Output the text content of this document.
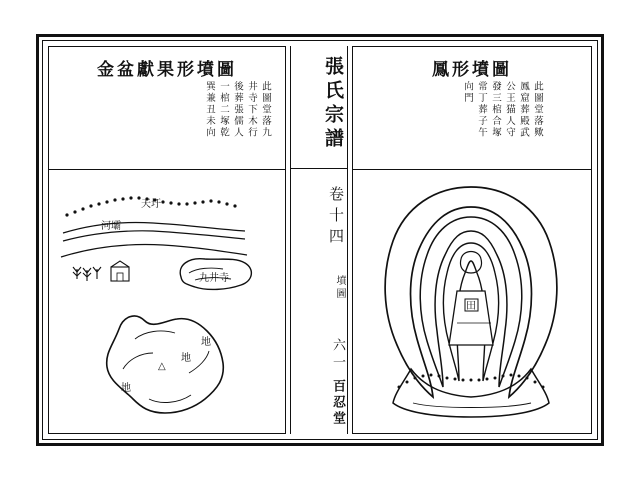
金盆獻果形墳圖
此圖堂落九
井寺下木行
後葬張儒人
一棺二塚乾
巽兼丑未向
△
天圩
河壩
九井寺
地
地
地
張氏宗譜
卷十四
墳圖
六一
百忍堂
鳳形墳圖
此圖堂落歟
鳳窟葬殿武
公王猫人守
發三棺合塚
常丁葬子午
向門
田
